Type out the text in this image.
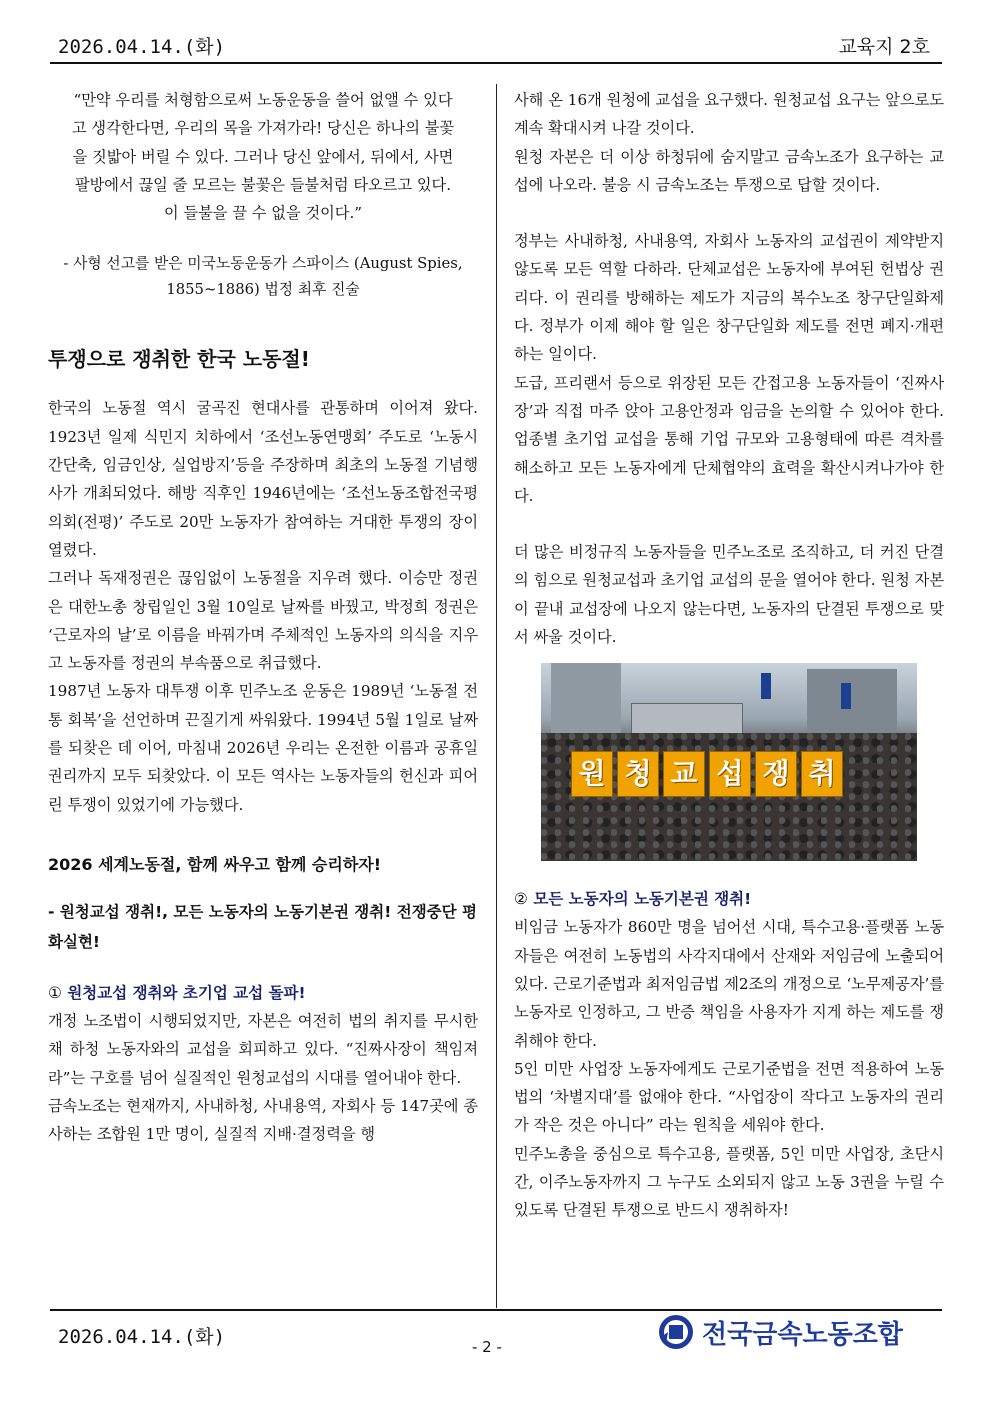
2026.04.14.(화)	교육지 2호
“만약 우리를 처형함으로써 노동운동을 쓸어 없앨 수 있다고 생각한다면, 우리의 목을 가져가라! 당신은 하나의 불꽃을 짓밟아 버릴 수 있다. 그러나 당신 앞에서, 뒤에서, 사면팔방에서 끊일 줄 모르는 불꽃은 들불처럼 타오르고 있다. 이 들불을 끌 수 없을 것이다.”
- 사형 선고를 받은 미국노동운동가 스파이스 (August Spies, 1855~1886) 법정 최후 진술
투쟁으로 쟁취한 한국 노동절!

한국의 노동절 역시 굴곡진 현대사를 관통하며 이어져 왔다. 1923년 일제 식민지 치하에서 ‘조선노동연맹회’ 주도로 ‘노동시간단축, 임금인상, 실업방지’등을 주장하며 최초의 노동절 기념행사가 개최되었다. 해방 직후인 1946년에는 ‘조선노동조합전국평의회(전평)’ 주도로 20만 노동자가 참여하는 거대한 투쟁의 장이 열렸다.

그러나 독재정권은 끊임없이 노동절을 지우려 했다. 이승만 정권은 대한노총 창립일인 3월 10일로 날짜를 바꿨고, 박정희 정권은 ‘근로자의 날’로 이름을 바꿔가며 주체적인 노동자의 의식을 지우고 노동자를 정권의 부속품으로 취급했다.

1987년 노동자 대투쟁 이후 민주노조 운동은 1989년 ‘노동절 전통 회복’을 선언하며 끈질기게 싸워왔다. 1994년 5월 1일로 날짜를 되찾은 데 이어, 마침내 2026년 우리는 온전한 이름과 공휴일 권리까지 모두 되찾았다. 이 모든 역사는 노동자들의 헌신과 피어린 투쟁이 있었기에 가능했다.

2026 세계노동절, 함께 싸우고 함께 승리하자!
- 원청교섭 쟁취!, 모든 노동자의 노동기본권 쟁취! 전쟁중단 평화실현!
① 원청교섭 쟁취와 초기업 교섭 돌파!

개정 노조법이 시행되었지만, 자본은 여전히 법의 취지를 무시한 채 하청 노동자와의 교섭을 회피하고 있다. “진짜사장이 책임져라”는 구호를 넘어 실질적인 원청교섭의 시대를 열어내야 한다.

금속노조는 현재까지, 사내하청, 사내용역, 자회사 등 147곳에 종사하는 조합원 1만 명이, 실질적 지배·결정력을 행

사해 온 16개 원청에 교섭을 요구했다. 원청교섭 요구는 앞으로도 계속 확대시켜 나갈 것이다.

원청 자본은 더 이상 하청뒤에 숨지말고 금속노조가 요구하는 교섭에 나오라. 불응 시 금속노조는 투쟁으로 답할 것이다.

정부는 사내하청, 사내용역, 자회사 노동자의 교섭권이 제약받지 않도록 모든 역할 다하라. 단체교섭은 노동자에 부여된 헌법상 권리다. 이 권리를 방해하는 제도가 지금의 복수노조 창구단일화제다. 정부가 이제 해야 할 일은 창구단일화 제도를 전면 폐지·개편하는 일이다.

도급, 프리랜서 등으로 위장된 모든 간접고용 노동자들이 ‘진짜사장’과 직접 마주 앉아 고용안정과 임금을 논의할 수 있어야 한다. 업종별 초기업 교섭을 통해 기업 규모와 고용형태에 따른 격차를 해소하고 모든 노동자에게 단체협약의 효력을 확산시켜나가야 한다.

더 많은 비정규직 노동자들을 민주노조로 조직하고, 더 커진 단결의 힘으로 원청교섭과 초기업 교섭의 문을 열어야 한다. 원청 자본이 끝내 교섭장에 나오지 않는다면, 노동자의 단결된 투쟁으로 맞서 싸울 것이다.

원 청 교 섭 쟁 취
② 모든 노동자의 노동기본권 쟁취!

비임금 노동자가 860만 명을 넘어선 시대, 특수고용·플랫폼 노동자들은 여전히 노동법의 사각지대에서 산재와 저임금에 노출되어 있다. 근로기준법과 최저임금법 제2조의 개정으로 ‘노무제공자’를 노동자로 인정하고, 그 반증 책임을 사용자가 지게 하는 제도를 쟁취해야 한다.

5인 미만 사업장 노동자에게도 근로기준법을 전면 적용하여 노동법의 ‘차별지대’를 없애야 한다. “사업장이 작다고 노동자의 권리가 작은 것은 아니다” 라는 원칙을 세워야 한다.

민주노총을 중심으로 특수고용, 플랫폼, 5인 미만 사업장, 초단시간, 이주노동자까지 그 누구도 소외되지 않고 노동 3권을 누릴 수 있도록 단결된 투쟁으로 반드시 쟁취하자!

2026.04.14.(화)	- 2 -	전국금속노동조합
